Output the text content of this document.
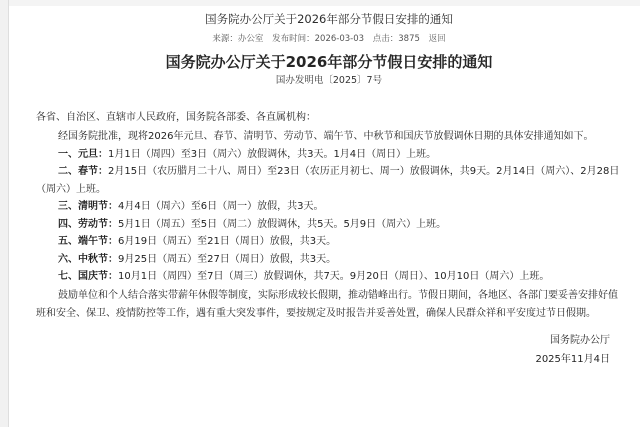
国务院办公厅关于2026年部分节假日安排的通知
来源：办公室 发布时间：2026-03-03 点击：3875 返回
国务院办公厅关于2026年部分节假日安排的通知
国办发明电〔2025〕7号
各省、自治区、直辖市人民政府，国务院各部委、各直属机构：
经国务院批准，现将2026年元旦、春节、清明节、劳动节、端午节、中秋节和国庆节放假调休日期的具体安排通知如下。
一、元旦：1月1日（周四）至3日（周六）放假调休，共3天。1月4日（周日）上班。
二、春节：2月15日（农历腊月二十八、周日）至23日（农历正月初七、周一）放假调休，共9天。2月14日（周六）、2月28日（周六）上班。
三、清明节：4月4日（周六）至6日（周一）放假，共3天。
四、劳动节：5月1日（周五）至5日（周二）放假调休，共5天。5月9日（周六）上班。
五、端午节：6月19日（周五）至21日（周日）放假，共3天。
六、中秋节：9月25日（周五）至27日（周日）放假，共3天。
七、国庆节：10月1日（周四）至7日（周三）放假调休，共7天。9月20日（周日）、10月10日（周六）上班。
鼓励单位和个人结合落实带薪年休假等制度，实际形成较长假期，推动错峰出行。节假日期间，各地区、各部门要妥善安排好值班和安全、保卫、疫情防控等工作，遇有重大突发事件，要按规定及时报告并妥善处置，确保人民群众祥和平安度过节日假期。
国务院办公厅
2025年11月4日
